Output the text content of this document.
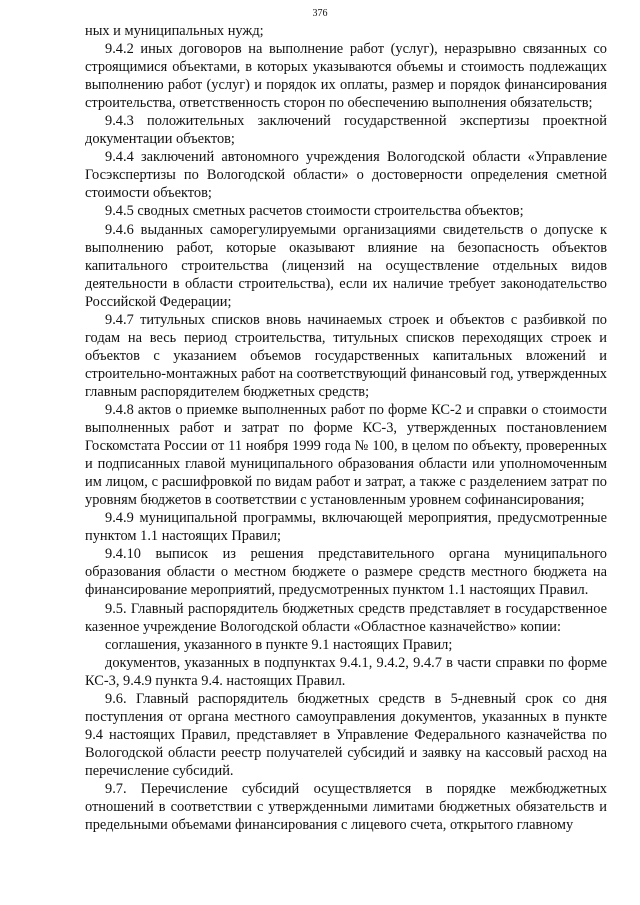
376

ных и муниципальных нужд;

9.4.2 иных договоров на выполнение работ (услуг), неразрывно связанных со строящимися объектами, в которых указываются объемы и стоимость подлежащих выполнению работ (услуг) и порядок их оплаты, размер и порядок финансирования строительства, ответственность сторон по обеспечению выполнения обязательств;

9.4.3 положительных заключений государственной экспертизы проектной документации объектов;

9.4.4 заключений автономного учреждения Вологодской области «Управление Госэкспертизы по Вологодской области» о достоверности определения сметной стоимости объектов;

9.4.5 сводных сметных расчетов стоимости строительства объектов;

9.4.6 выданных саморегулируемыми организациями свидетельств о допуске к выполнению работ, которые оказывают влияние на безопасность объектов капитального строительства (лицензий на осуществление отдельных видов деятельности в области строительства), если их наличие требует законодательство Российской Федерации;

9.4.7 титульных списков вновь начинаемых строек и объектов с разбивкой по годам на весь период строительства, титульных списков переходящих строек и объектов с указанием объемов государственных капитальных вложений и строительно-монтажных работ на соответствующий финансовый год, утвержденных главным распорядителем бюджетных средств;

9.4.8 актов о приемке выполненных работ по форме КС-2 и справки о стоимости выполненных работ и затрат по форме КС-3, утвержденных постановлением Госкомстата России от 11 ноября 1999 года № 100, в целом по объекту, проверенных и подписанных главой муниципального образования области или уполномоченным им лицом, с расшифровкой по видам работ и затрат, а также с разделением затрат по уровням бюджетов в соответствии с установленным уровнем софинансирования;

9.4.9 муниципальной программы, включающей мероприятия, предусмотренные пунктом 1.1 настоящих Правил;

9.4.10 выписок из решения представительного органа муниципального образования области о местном бюджете о размере средств местного бюджета на финансирование мероприятий, предусмотренных пунктом 1.1 настоящих Правил.

9.5. Главный распорядитель бюджетных средств представляет в государственное казенное учреждение Вологодской области «Областное казначейство» копии:

соглашения, указанного в пункте 9.1 настоящих Правил;

документов, указанных в подпунктах 9.4.1, 9.4.2, 9.4.7 в части справки по форме КС-3, 9.4.9 пункта 9.4. настоящих Правил.

9.6. Главный распорядитель бюджетных средств в 5-дневный срок со дня поступления от органа местного самоуправления документов, указанных в пункте 9.4 настоящих Правил, представляет в Управление Федерального казначейства по Вологодской области реестр получателей субсидий и заявку на кассовый расход на перечисление субсидий.

9.7. Перечисление субсидий осуществляется в порядке межбюджетных отношений в соответствии с утвержденными лимитами бюджетных обязательств и предельными объемами финансирования с лицевого счета, открытого главному
